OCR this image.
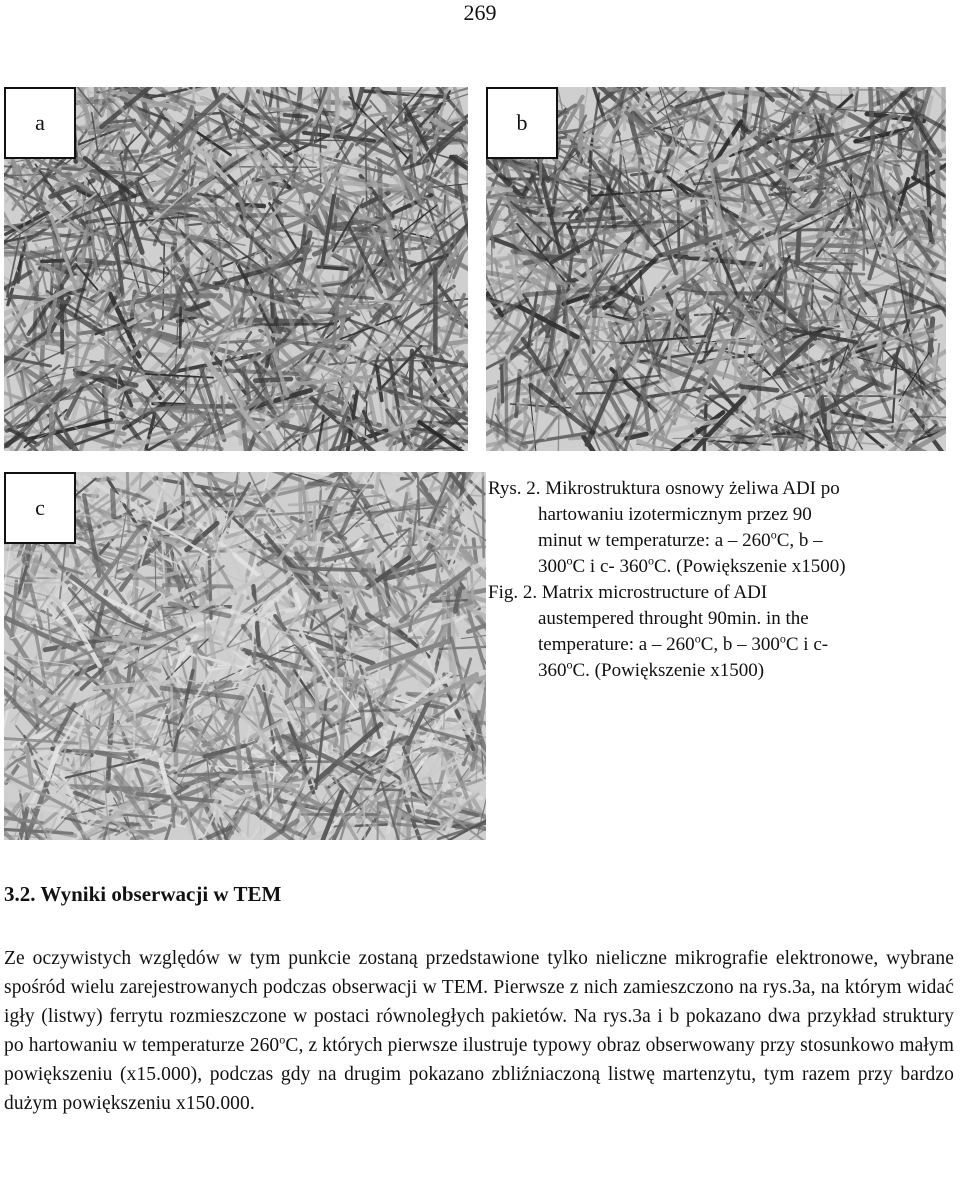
269
a	b
c

Rys. 2. Mikrostruktura osnowy żeliwa ADI po
hartowaniu izotermicznym przez 90
minut w temperaturze: a – 260$^o$C, b –
300$^o$C i c- 360$^o$C. (Powiększenie x1500)

Fig. 2. Matrix microstructure of ADI
austempered throught 90min. in the
temperature: a – 260$^o$C, b – 300$^o$C i c-
360$^o$C. (Powiększenie x1500)

3.2. Wyniki obserwacji w TEM
Ze oczywistych względów w tym punkcie zostaną przedstawione tylko nieliczne mikrografie elektronowe, wybrane spośród wielu zarejestrowanych podczas obserwacji w TEM. Pierwsze z nich zamieszczono na rys.3a, na którym widać igły (listwy) ferrytu rozmieszczone w postaci równoległych pakietów. Na rys.3a i b pokazano dwa przykład struktury po hartowaniu w temperaturze 260$^o$C, z których pierwsze ilustruje typowy obraz obserwowany przy stosunkowo małym powiększeniu (x15.000), podczas gdy na drugim pokazano zbliźniaczoną listwę martenzytu, tym razem przy bardzo dużym powiększeniu x150.000.
